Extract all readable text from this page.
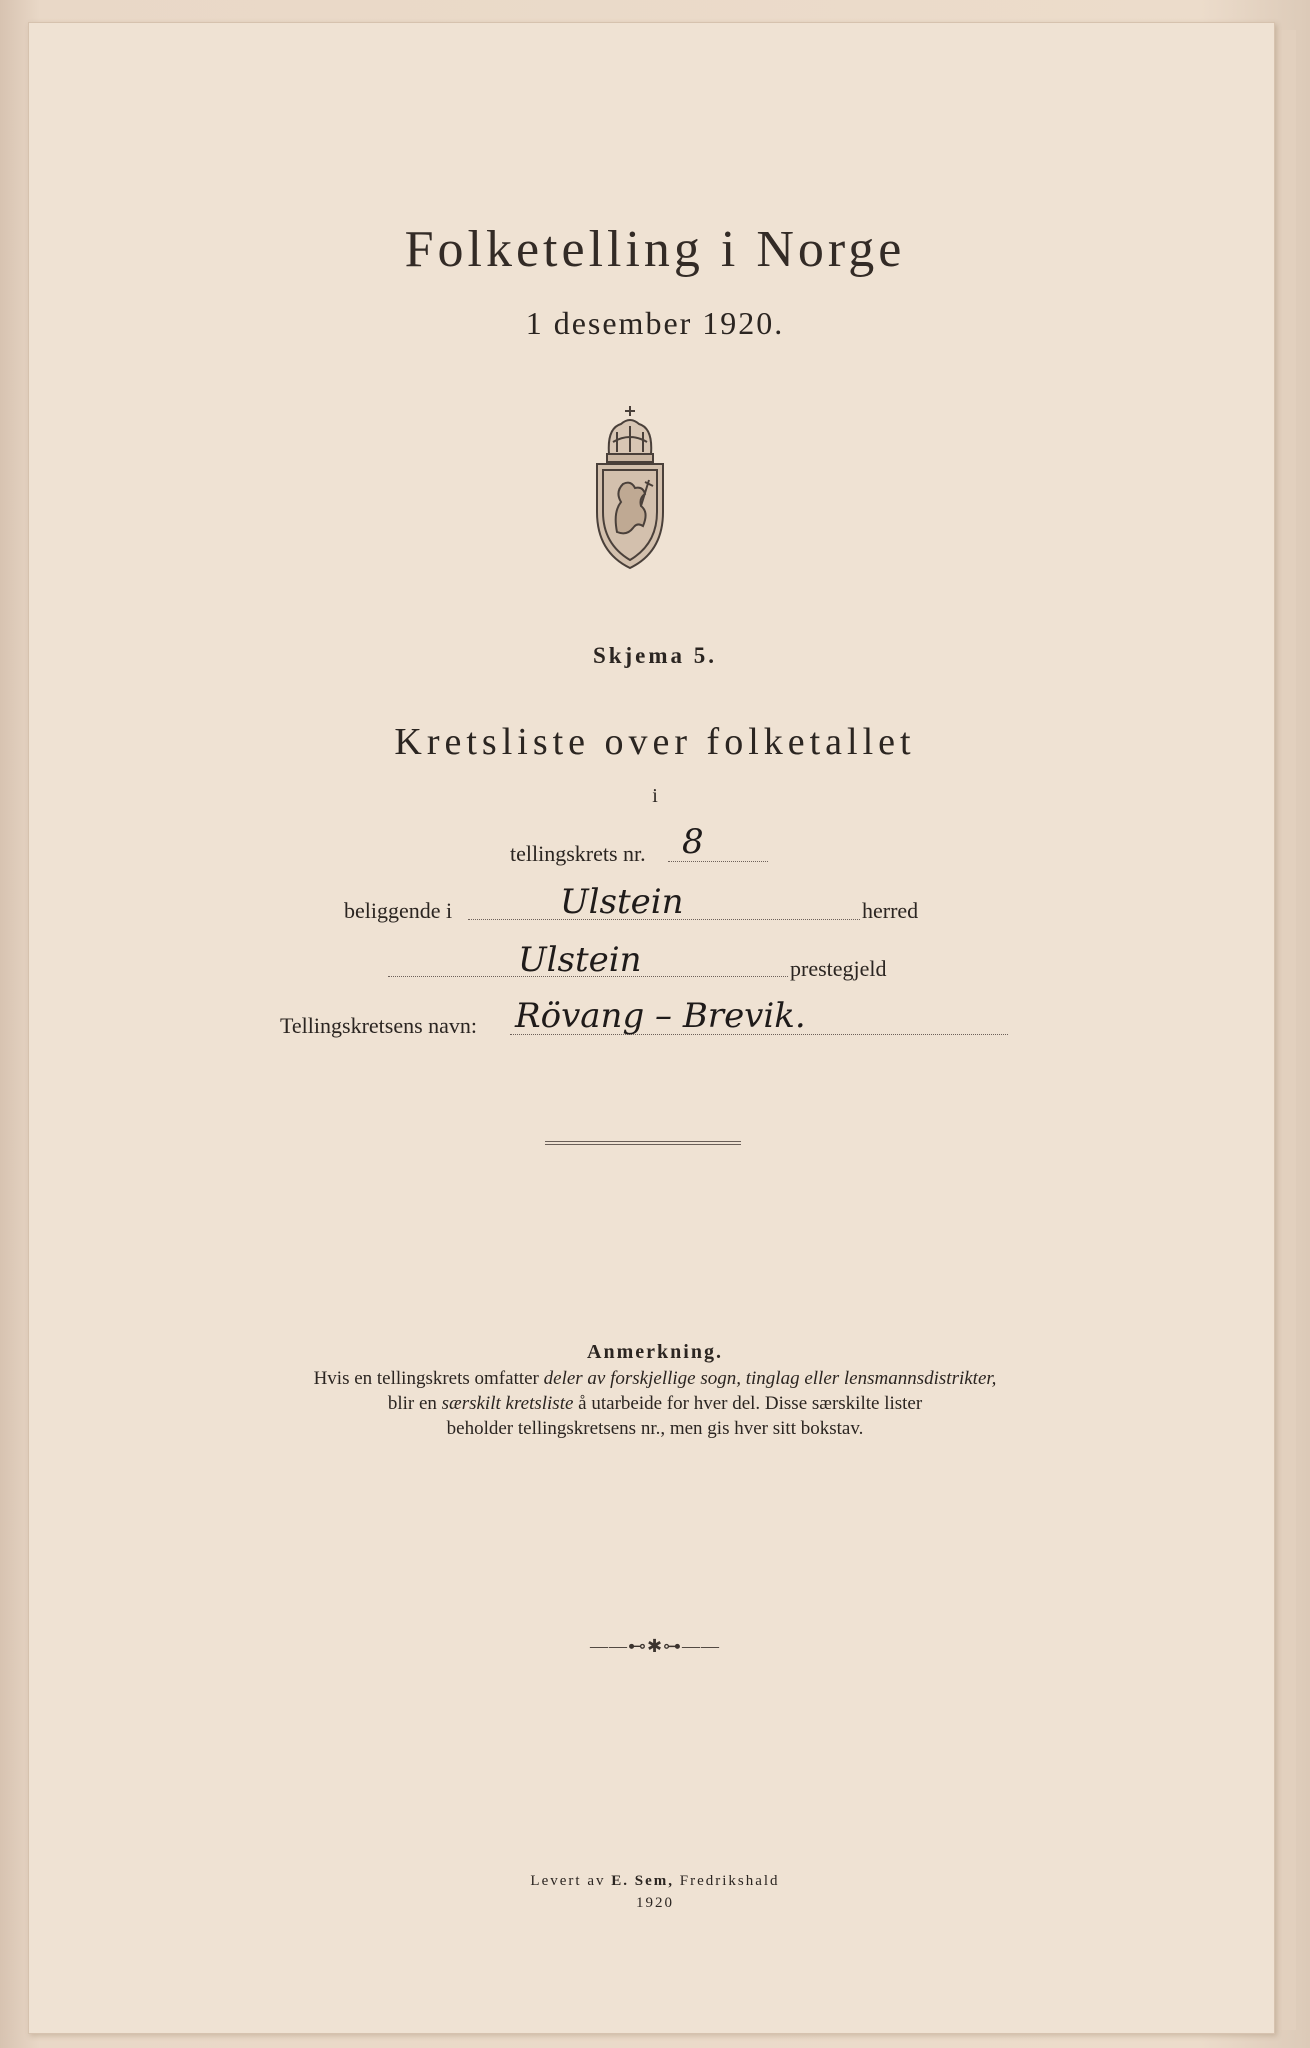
Folketelling i Norge
1 desember 1920.
Skjema 5.
Kretsliste over folketallet
i
tellingskrets nr. 8
beliggende i	Ulstein	herred
Ulstein	prestegjeld
Tellingskretsens navn: Rövang – Brevik.
Anmerkning.
Hvis en tellingskrets omfatter deler av forskjellige sogn, tinglag eller lensmannsdistrikter,
blir en særskilt kretsliste å utarbeide for hver del. Disse særskilte lister
beholder tellingskretsens nr., men gis hver sitt bokstav.
——⊷✱⊶——
Levert av E. Sem, Fredrikshald
1920
